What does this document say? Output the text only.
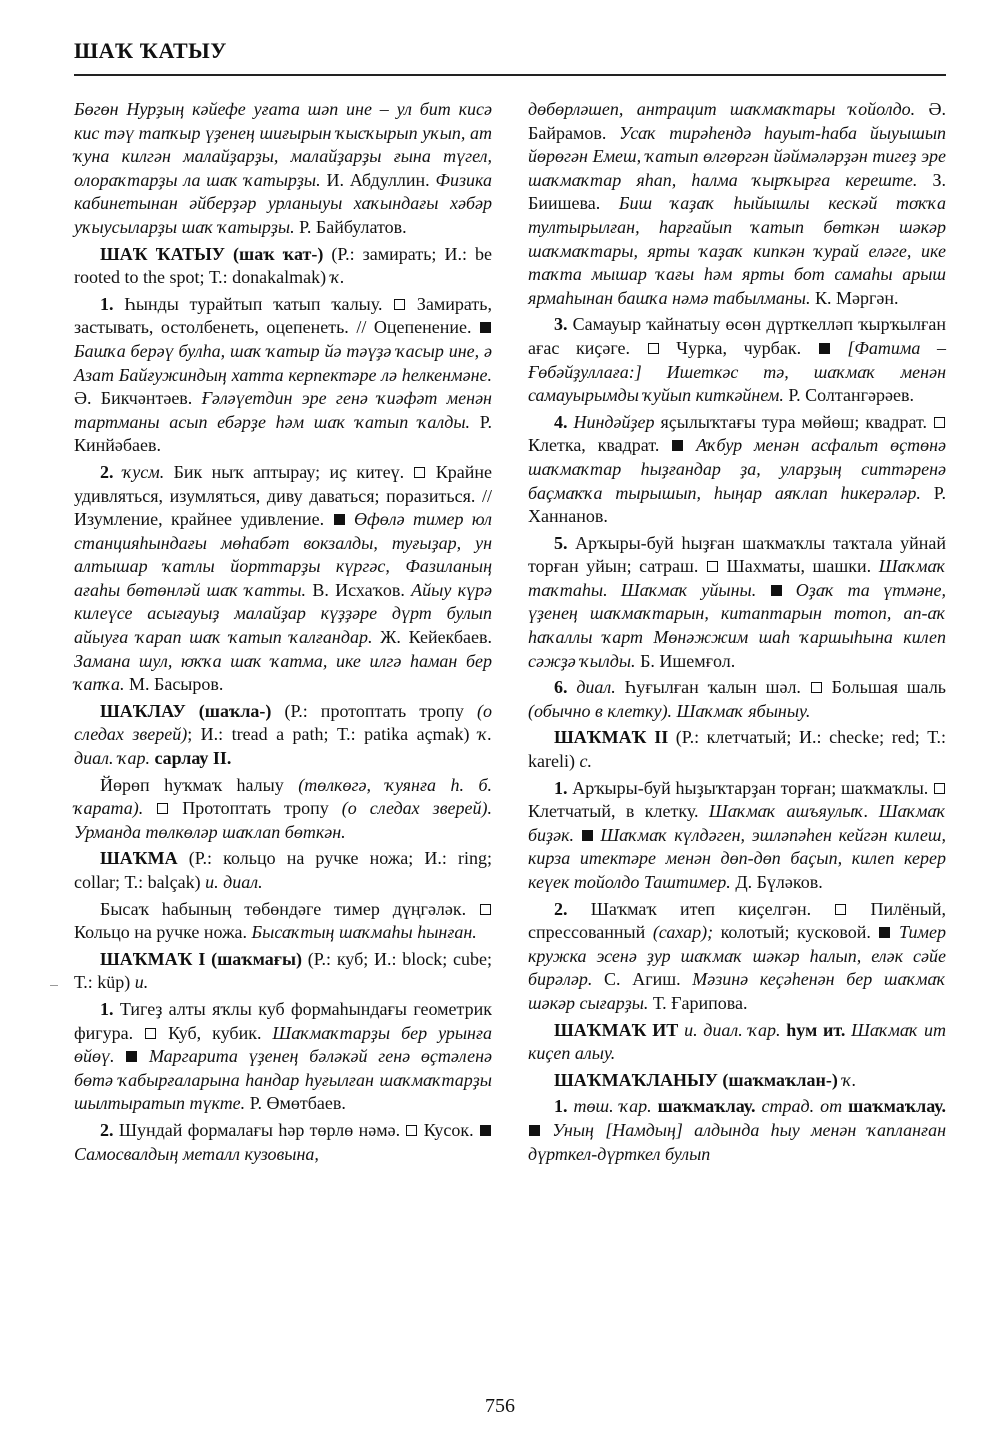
ШАҠ ҠАТЫУ

Бөгөн Нурҙың кәйефе уғата шәп ине – ул бит кисә кис тәү тапҡыр үҙенең шиғырын ҡысҡырып уҡып, ат ҡуна килгән малайҙарҙы, малайҙарҙы ғына түгел, олораҡтарҙы ла шаҡ ҡатырҙы. И. Абдуллин. Физика кабинетынан әйберҙәр урланыуы хаҡындағы хәбәр уҡыусыларҙы шаҡ ҡатырҙы. Р. Байбулатов.

ШАҠ ҠАТЫУ (шаҡ ҡат-) (Р.: замирать; И.: be rooted to the spot; Т.: donakalmak) ҡ.

1. Һынды турайтып ҡатып ҡалыу.  Замирать, застывать, остолбенеть, оцепенеть. // Оцепенение.  Башҡа берәү булһа, шаҡ ҡатыр йә тәүҙә ҡасыр ине, ә Азат Байғужиндың хатта керпектәре лә һелкенмәне. Ә. Бикчәнтәев. Ғәләүетдин эре генә ҡиәфәт менән тартманы асып ебәрҙе һәм шаҡ ҡатып ҡалды. Р. Кинйәбаев.

2. ҡусм. Бик ныҡ аптырау; иҫ китеү.  Крайне удивляться, изумляться, диву даваться; поразиться. // Изумление, крайнее удивление.  Өфөлә тимер юл станцияһындағы мөһабәт вокзалды, туғыҙар, ун алтышар ҡатлы йорттарҙы күргәс, Фазиланың ағаһы бөтөнләй шаҡ ҡатты. В. Исхаҡов. Айыу күрә килеүсе асығауыҙ малайҙар күҙҙәре дүрт булып айыуға ҡарап шаҡ ҡатып ҡалғандар. Ж. Кейекбаев. Замана шул, юҡҡа шаҡ ҡатма, ике илгә һаман бер ҡапҡа. М. Басыров.

ШАҠЛАУ (шаҡла-) (Р.: протоптать тропу (о следах зверей); И.: tread a path; Т.: patika açmak) ҡ. диал. ҡар. сарлау II.

Йөрөп һуҡмаҡ һалыу (төлкөгә, ҡуянға һ. б. ҡарата).  Протоптать тропу (о следах зверей). Урманда төлкөләр шаҡлап бөткән.

ШАҠМА (Р.: кольцо на ручке ножа; И.: ring; collar; Т.: balçak) и. диал.

Бысаҡ һабының төбөндәге тимер дүңгәләк.  Кольцо на ручке ножа. Бысаҡтың шаҡмаһы һынған.

ШАҠМАҠ I (шаҡмағы) (Р.: куб; И.: block; cube; Т.: küp) и.

1. Тигеҙ алты яҡлы куб формаһындағы геометрик фигура.  Куб, кубик. Шаҡмаҡтарҙы бер урынға өйөү. Маргарита үҙенең бәләкәй генә өҫтәленә бөтә ҡабырғаларына һандар һуғылған шаҡмаҡтарҙы шылтыратып түкте. Р. Өмөтбаев.

2. Шундай формалағы һәр төрлө нәмә.  Кусок.  Самосвалдың металл кузовына,

дөбөрләшеп, антрацит шаҡмаҡтары ҡойолдо. Ә. Байрамов. Усаҡ тирәһендә һауыт-һаба йыуышып йөрөгән Емеш, ҡатып өлгөргән йәймәләрҙән тигеҙ эре шаҡмаҡтар яһап, һалма ҡырҡырға кереште. З. Биишева. Биш ҡаҙаҡ һыйышлы кескәй тоҡҡа тултырылған, һарғайып ҡатып бөткән шәкәр шаҡмаҡтары, ярты ҡаҙаҡ кипкән ҡурай еләге, ике таҡта мышар ҡағы һәм ярты бот самаһы арыш ярмаһынан башҡа нәмә табылманы. К. Мәргән.

3. Самауыр ҡайнатыу өсөн дүрткелләп ҡырҡылған ағас киҫәге.  Чурка, чурбак.  [Фатима – Ғөбәйҙуллаға:] Ишеткәс тә, шаҡмаҡ менән самауырымды ҡуйып киткәйнем. Р. Солтангәрәев.

4. Ниндәйҙер яҫылыҡтағы тура мөйөш; квадрат.  Клетка, квадрат.  Аҡбур менән асфальт өҫтөнә шаҡмаҡтар һыҙғандар ҙа, уларҙың ситтәренә баҫмаҡҡа тырышып, һыңар аяҡлап һикерәләр. Р. Ханнанов.

5. Арҡыры-буй һыҙған шаҡмаҡлы таҡтала уйнай торған уйын; сатраш.  Шахматы, шашки. Шаҡмаҡ таҡтаһы. Шаҡмаҡ уйыны. Оҙаҡ та үтмәне, үҙенең шаҡмаҡтарын, китаптарын тотоп, ап-аҡ һаҡаллы ҡарт Мөнәжжим шаһ ҡаршыһына килеп сәжҙә ҡылды. Б. Ишемғол.

6. диал. Һуғылған ҡалын шәл.  Большая шаль (обычно в клетку). Шаҡмаҡ ябыныу.

ШАҠМАҠ II (Р.: клетчатый; И.: checke; red; Т.: kareli) с.

1. Арҡыры-буй һыҙыҡтарҙан торған; шаҡмаҡлы.  Клетчатый, в клетку. Шаҡмаҡ ашъяулыҡ. Шаҡмаҡ биҙәк. Шаҡмаҡ күлдәген, эшләпәһен кейгән килеш, кирза итектәре менән дөп-дөп баҫып, килеп керер кеүек тойолдо Таштимер. Д. Бүләков.

2. Шаҡмаҡ итеп киҫелгән.  Пилёный, спрессованный (сахар); колотый; кусковой.  Тимер кружка эсенә ҙур шаҡмаҡ шәкәр һалып, еләк сәйе бирәләр. С. Агиш. Мәзинә кеҫәһенән бер шаҡмаҡ шәкәр сығарҙы. Т. Ғарипова.

ШАҠМАҠ ИТ и. диал. ҡар. һум ит. Шаҡмаҡ ит киҫеп алыу.

ШАҠМАҠЛАНЫУ (шаҡмаҡлан-) ҡ.

1. төш. ҡар. шаҡмаҡлау. страд. от шаҡмаҡлау.  Уның [Намдың] алдында һыу менән ҡапланған дүрткел-дүрткел булып

756
